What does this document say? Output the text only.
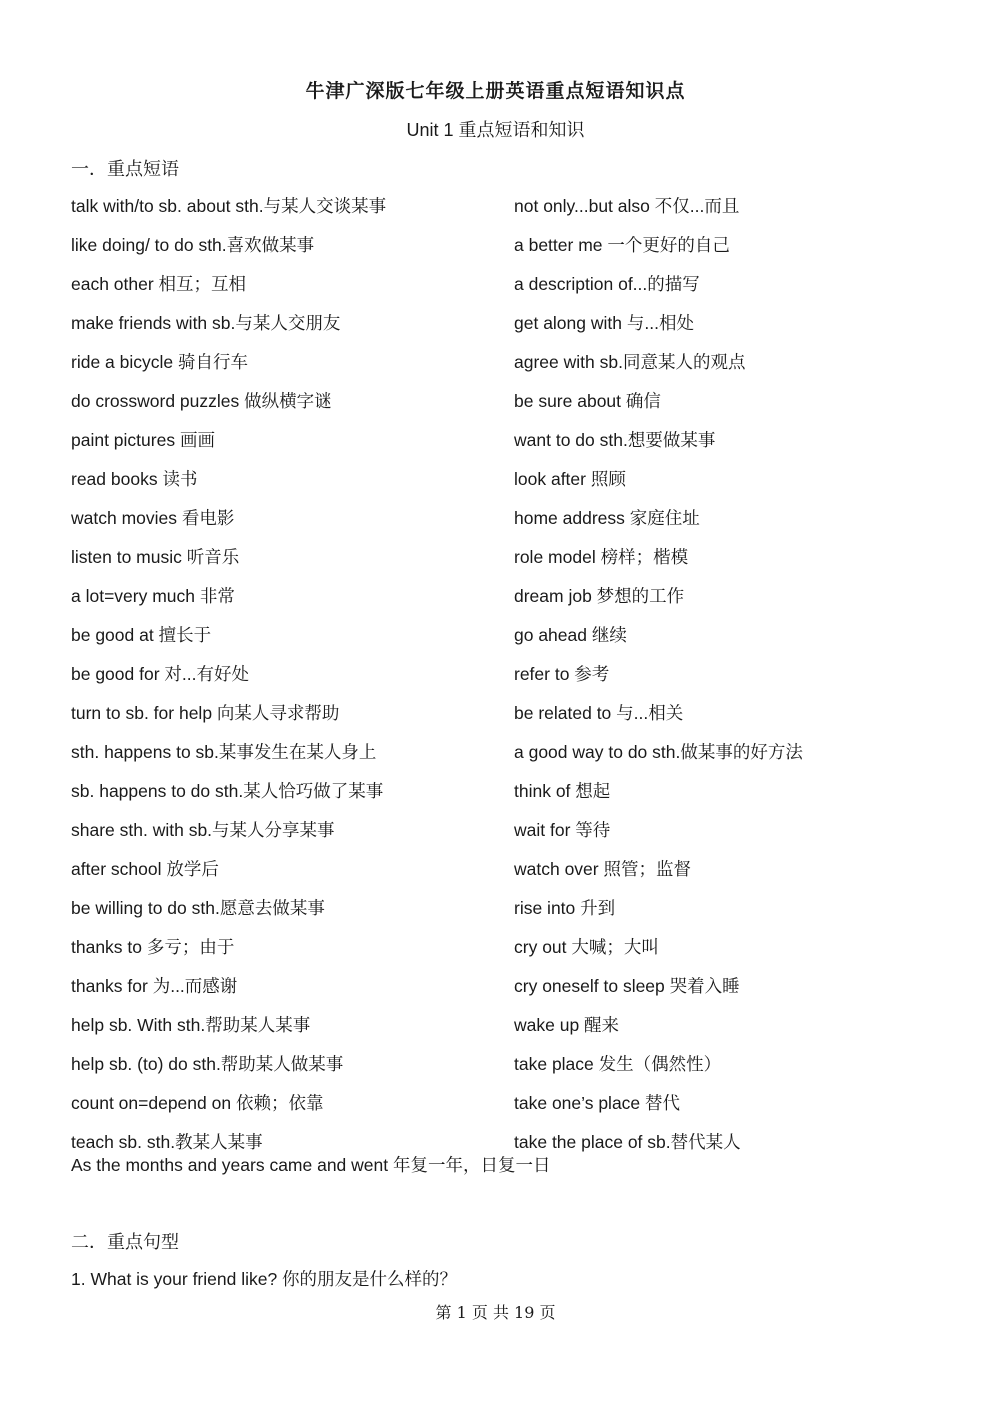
牛津广深版七年级上册英语重点短语知识点
Unit 1 重点短语和知识
一．重点短语
talk with/to sb. about sth.与某人交谈某事
like doing/ to do sth.喜欢做某事
each other 相互；互相
make friends with sb.与某人交朋友
ride a bicycle 骑自行车
do crossword puzzles 做纵横字谜
paint pictures 画画
read books 读书
watch movies 看电影
listen to music 听音乐
a lot=very much 非常
be good at 擅长于
be good for 对...有好处
turn to sb. for help 向某人寻求帮助
sth. happens to sb.某事发生在某人身上
sb. happens to do sth.某人恰巧做了某事
share sth. with sb.与某人分享某事
after school 放学后
be willing to do sth.愿意去做某事
thanks to 多亏；由于
thanks for 为...而感谢
help sb. With sth.帮助某人某事
help sb. (to) do sth.帮助某人做某事
count on=depend on 依赖；依靠
teach sb. sth.教某人某事
not only...but also 不仅...而且
a better me 一个更好的自己
a description of...的描写
get along with 与...相处
agree with sb.同意某人的观点
be sure about 确信
want to do sth.想要做某事
look after 照顾
home address 家庭住址
role model 榜样；楷模
dream job 梦想的工作
go ahead 继续
refer to 参考
be related to 与...相关
a good way to do sth.做某事的好方法
think of 想起
wait for 等待
watch over 照管；监督
rise into 升到
cry out 大喊；大叫
cry oneself to sleep 哭着入睡
wake up 醒来
take place 发生（偶然性）
take one’s place 替代
take the place of sb.替代某人
As the months and years came and went 年复一年，日复一日
二．重点句型
1. What is your friend like? 你的朋友是什么样的？
第 1 页 共 19 页
